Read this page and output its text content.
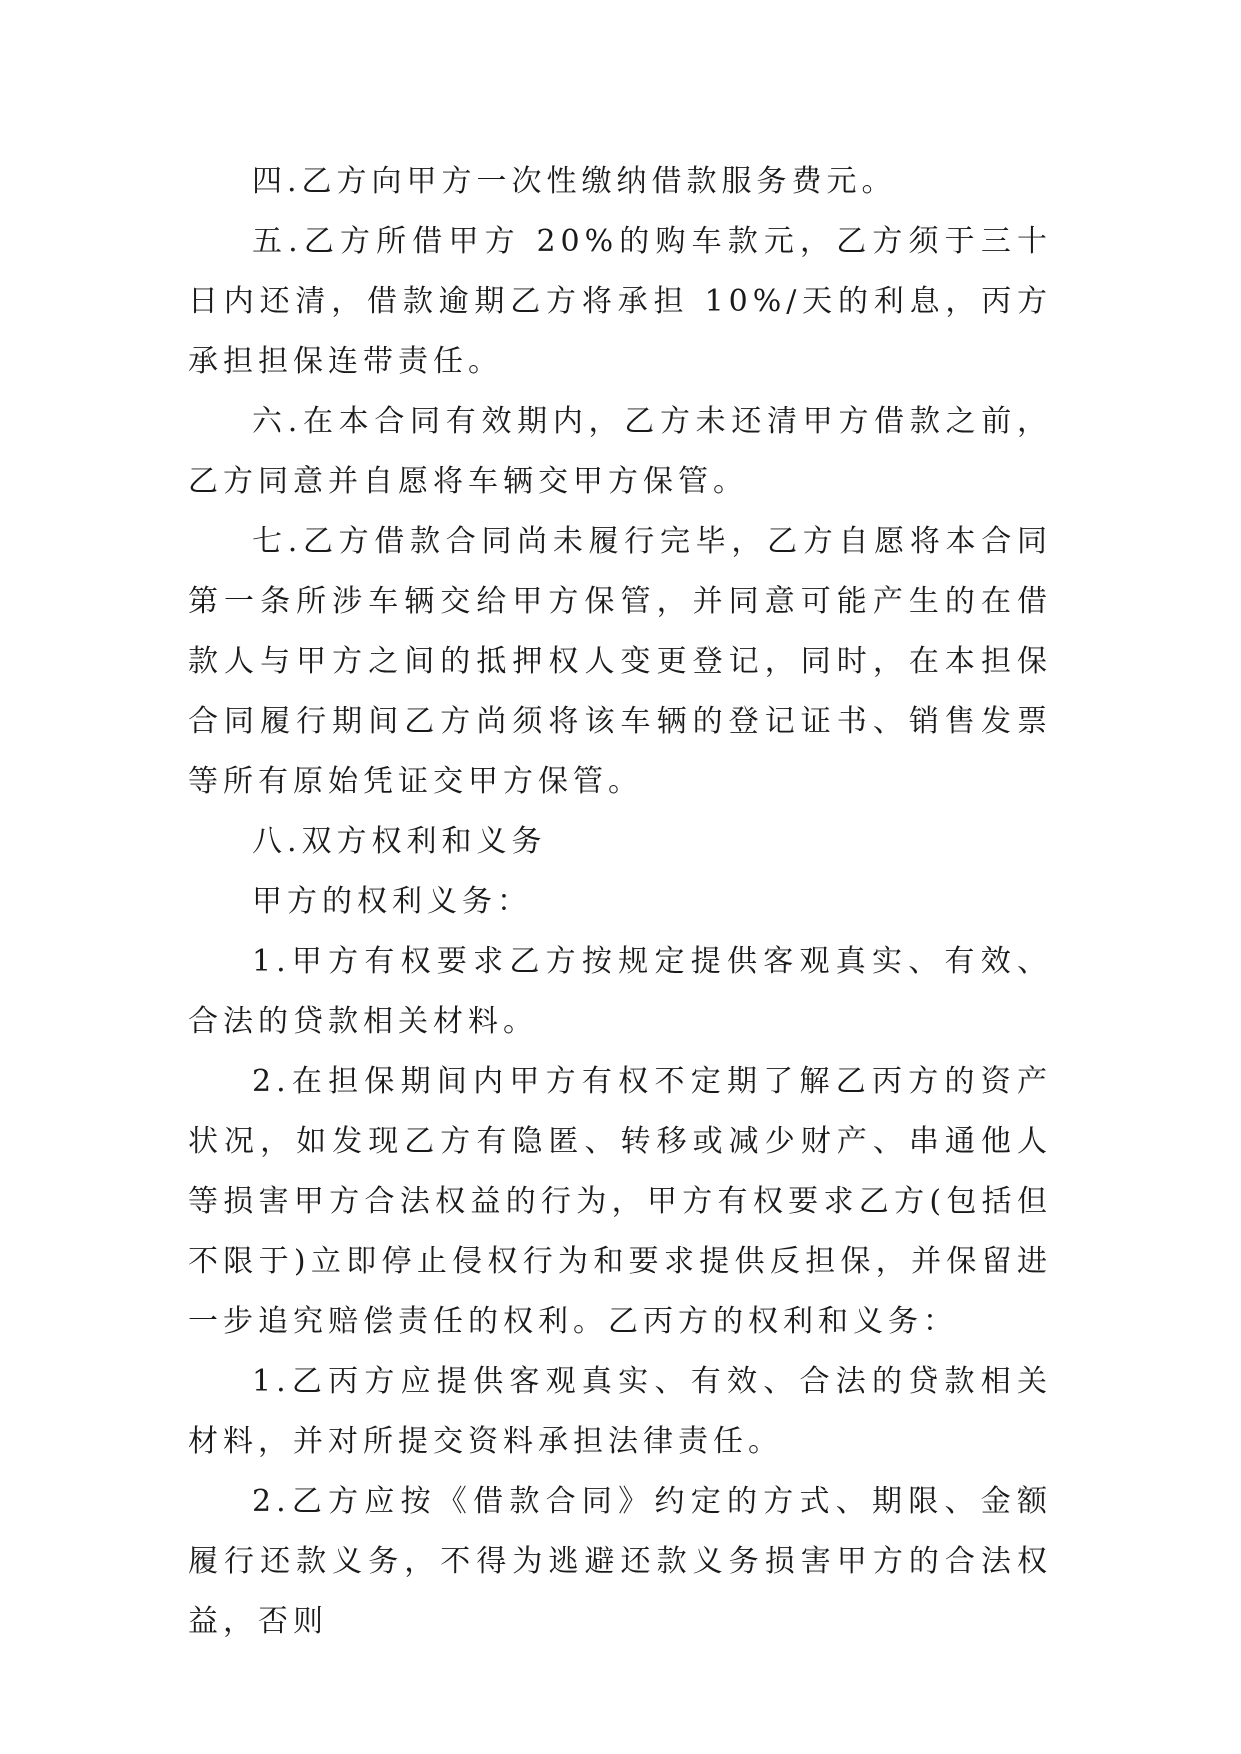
四.乙方向甲方一次性缴纳借款服务费元。

五.乙方所借甲方 20%的购车款元，乙方须于三十日内还清，借款逾期乙方将承担 10%/天的利息，丙方承担担保连带责任。

六.在本合同有效期内，乙方未还清甲方借款之前，乙方同意并自愿将车辆交甲方保管。

七.乙方借款合同尚未履行完毕，乙方自愿将本合同第一条所涉车辆交给甲方保管，并同意可能产生的在借款人与甲方之间的抵押权人变更登记，同时，在本担保合同履行期间乙方尚须将该车辆的登记证书、销售发票等所有原始凭证交甲方保管。

八.双方权利和义务

甲方的权利义务：

1.甲方有权要求乙方按规定提供客观真实、有效、合法的贷款相关材料。

2.在担保期间内甲方有权不定期了解乙丙方的资产状况，如发现乙方有隐匿、转移或减少财产、串通他人等损害甲方合法权益的行为，甲方有权要求乙方(包括但不限于)立即停止侵权行为和要求提供反担保，并保留进一步追究赔偿责任的权利。乙丙方的权利和义务：

1.乙丙方应提供客观真实、有效、合法的贷款相关材料，并对所提交资料承担法律责任。

2.乙方应按《借款合同》约定的方式、期限、金额履行还款义务，不得为逃避还款义务损害甲方的合法权益，否则
